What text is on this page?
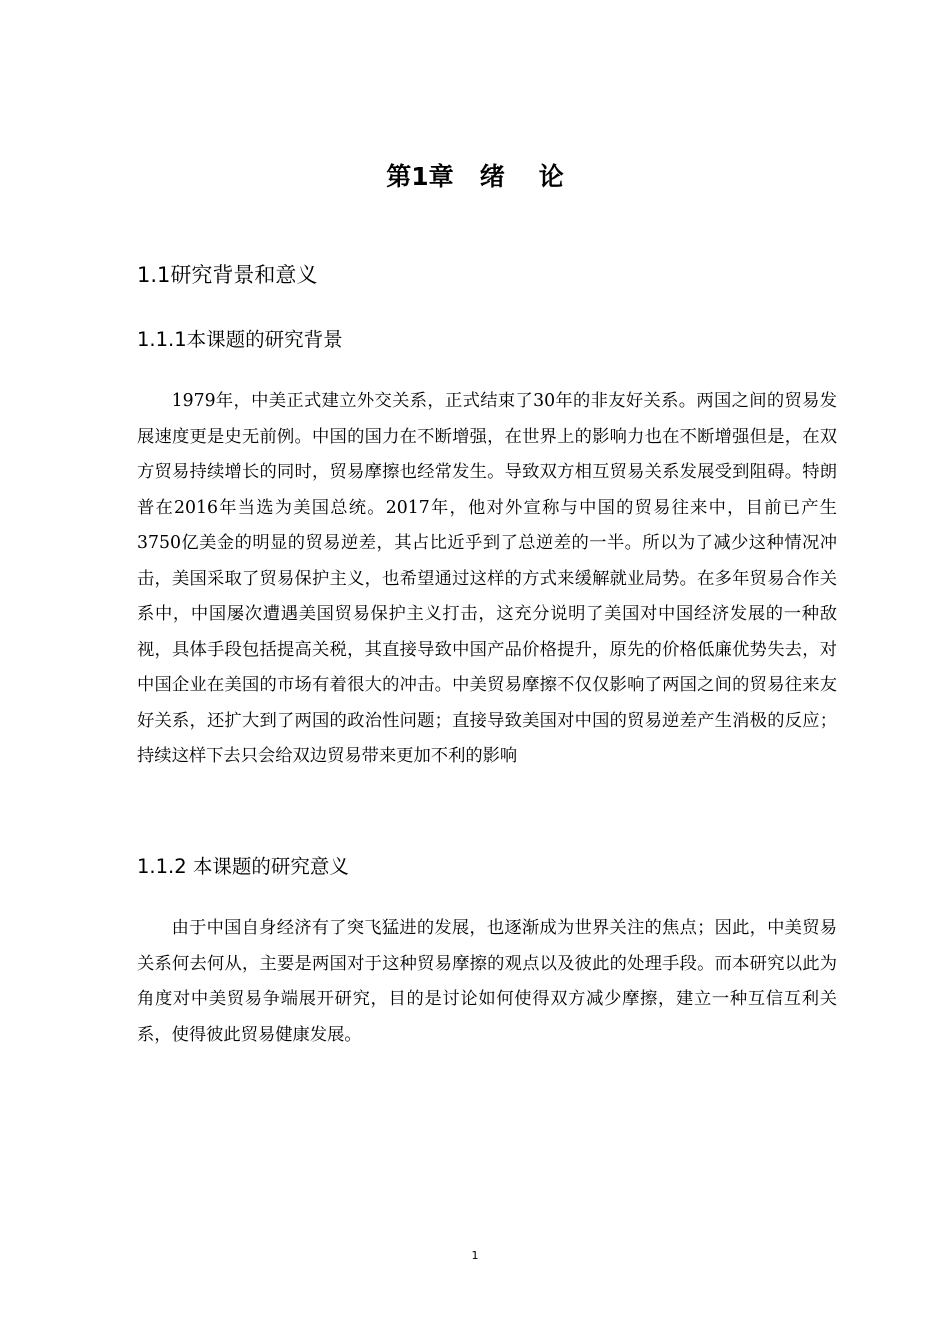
第1章 绪 论
1.1研究背景和意义
1.1.1本课题的研究背景

1979年，中美正式建立外交关系，正式结束了30年的非友好关系。两国之间的贸易发展速度更是史无前例。中国的国力在不断增强，在世界上的影响力也在不断增强但是，在双方贸易持续增长的同时，贸易摩擦也经常发生。导致双方相互贸易关系发展受到阻碍。特朗普在2016年当选为美国总统。2017年，他对外宣称与中国的贸易往来中，目前已产生3750亿美金的明显的贸易逆差，其占比近乎到了总逆差的一半。所以为了减少这种情况冲击，美国采取了贸易保护主义，也希望通过这样的方式来缓解就业局势。在多年贸易合作关系中，中国屡次遭遇美国贸易保护主义打击，这充分说明了美国对中国经济发展的一种敌视，具体手段包括提高关税，其直接导致中国产品价格提升，原先的价格低廉优势失去，对中国企业在美国的市场有着很大的冲击。中美贸易摩擦不仅仅影响了两国之间的贸易往来友好关系，还扩大到了两国的政治性问题；直接导致美国对中国的贸易逆差产生消极的反应；持续这样下去只会给双边贸易带来更加不利的影响

1.1.2 本课题的研究意义

由于中国自身经济有了突飞猛进的发展，也逐渐成为世界关注的焦点；因此，中美贸易关系何去何从，主要是两国对于这种贸易摩擦的观点以及彼此的处理手段。而本研究以此为角度对中美贸易争端展开研究，目的是讨论如何使得双方减少摩擦，建立一种互信互利关系，使得彼此贸易健康发展。

1
